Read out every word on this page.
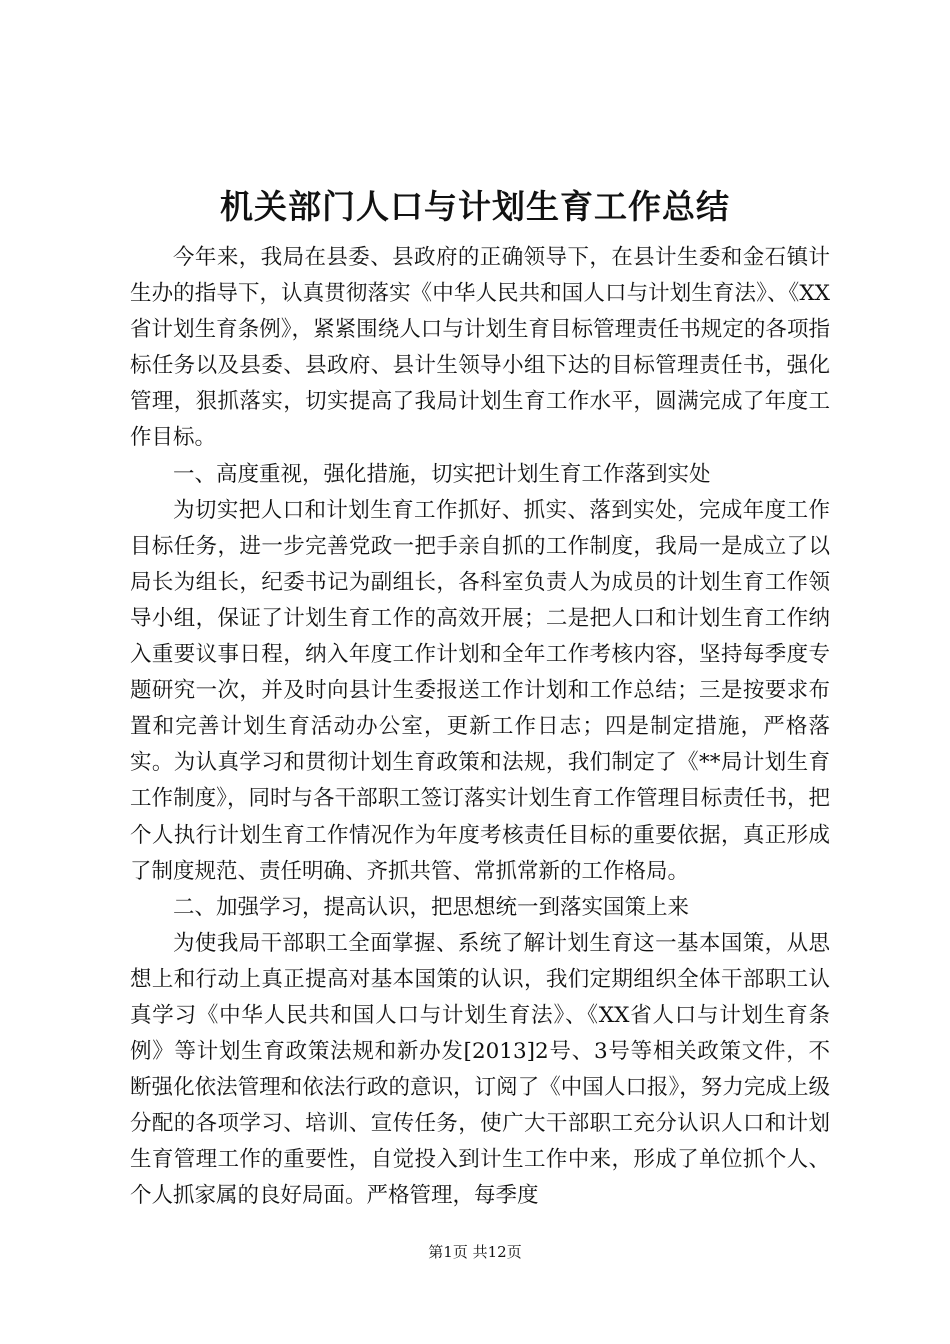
机关部门人口与计划生育工作总结

今年来，我局在县委、县政府的正确领导下，在县计生委和金石镇计生办的指导下，认真贯彻落实《中华人民共和国人口与计划生育法》、《XX省计划生育条例》，紧紧围绕人口与计划生育目标管理责任书规定的各项指标任务以及县委、县政府、县计生领导小组下达的目标管理责任书，强化管理，狠抓落实，切实提高了我局计划生育工作水平，圆满完成了年度工作目标。

一、高度重视，强化措施，切实把计划生育工作落到实处

为切实把人口和计划生育工作抓好、抓实、落到实处，完成年度工作目标任务，进一步完善党政一把手亲自抓的工作制度，我局一是成立了以局长为组长，纪委书记为副组长，各科室负责人为成员的计划生育工作领导小组，保证了计划生育工作的高效开展；二是把人口和计划生育工作纳入重要议事日程，纳入年度工作计划和全年工作考核内容，坚持每季度专题研究一次，并及时向县计生委报送工作计划和工作总结；三是按要求布置和完善计划生育活动办公室，更新工作日志；四是制定措施，严格落实。为认真学习和贯彻计划生育政策和法规，我们制定了《**局计划生育工作制度》，同时与各干部职工签订落实计划生育工作管理目标责任书，把个人执行计划生育工作情况作为年度考核责任目标的重要依据，真正形成了制度规范、责任明确、齐抓共管、常抓常新的工作格局。

二、加强学习，提高认识，把思想统一到落实国策上来

为使我局干部职工全面掌握、系统了解计划生育这一基本国策，从思想上和行动上真正提高对基本国策的认识，我们定期组织全体干部职工认真学习《中华人民共和国人口与计划生育法》、《XX省人口与计划生育条例》等计划生育政策法规和新办发[2013]2号、3号等相关政策文件，不断强化依法管理和依法行政的意识，订阅了《中国人口报》，努力完成上级分配的各项学习、培训、宣传任务，使广大干部职工充分认识人口和计划生育管理工作的重要性，自觉投入到计生工作中来，形成了单位抓个人、个人抓家属的良好局面。严格管理，每季度

第1页 共12页
